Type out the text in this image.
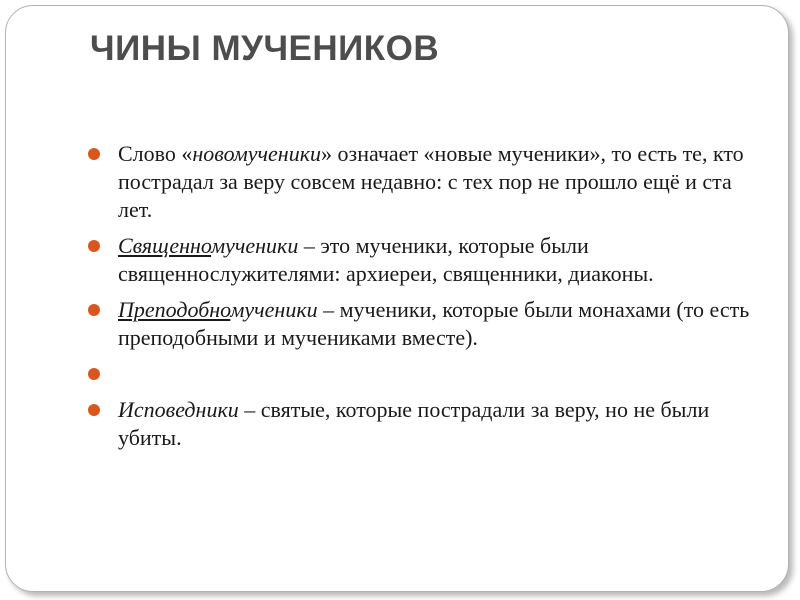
ЧИНЫ МУЧЕНИКОВ
Слово «новомученики» означает «новые мученики», то есть те, кто пострадал за веру совсем недавно: с тех пор не прошло ещё и ста лет.
Священномученики – это мученики, которые были священнослужителями: архиереи, священники, диаконы.
Преподобномученики – мученики, которые были монахами (то есть преподобными и мучениками вместе).
Исповедники – святые, которые пострадали за веру, но не были убиты.
